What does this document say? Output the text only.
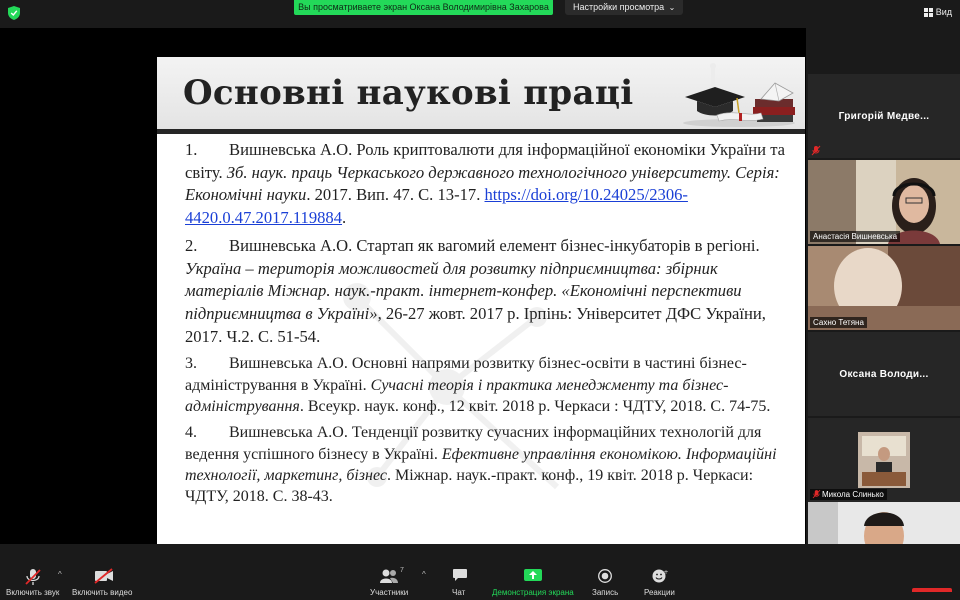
Вы просматриваете экран Оксана Володимирівна Захарова	Настройки просмотра ⌄	Вид
Основні наукові праці
1. Вишневська А.О. Роль криптовалюти для інформаційної економіки України та світу. Зб. наук. праць Черкаського державного технологічного університету. Серія: Економічні науки. 2017. Вип. 47. С. 13-17. https://doi.org/10.24025/2306-4420.0.47.2017.119884.
2. Вишневська А.О. Стартап як вагомий елемент бізнес-інкубаторів в регіоні. Україна – територія можливостей для розвитку підприємництва: збірник матеріалів Міжнар. наук.-практ. інтернет-конфер. «Економічні перспективи підприємництва в Україні», 26-27 жовт. 2017 р. Ірпінь: Університет ДФС України, 2017. Ч.2. С. 51-54.
3. Вишневська А.О. Основні напрями розвитку бізнес-освіти в частині бізнес-адміністрування в Україні. Сучасні теорія і практика менеджменту та бізнес-адміністрування. Всеукр. наук. конф., 12 квіт. 2018 р. Черкаси : ЧДТУ, 2018. С. 74-75.
4. Вишневська А.О. Тенденції розвитку сучасних інформаційних технологій для ведення успішного бізнесу в Україні. Ефективне управління економікою. Інформаційні технології, маркетинг, бізнес. Міжнар. наук.-практ. конф., 19 квіт. 2018 р. Черкаси: ЧДТУ, 2018. С. 38-43.
Григорій Медве...
Анастасія Вишневська
Сахно Тетяна
Оксана Володи...
Микола Слинько
^
Включить звук Включить видео
7 ^
Участники	Чат	Демонстрация экрана Запись
+
Реакции
